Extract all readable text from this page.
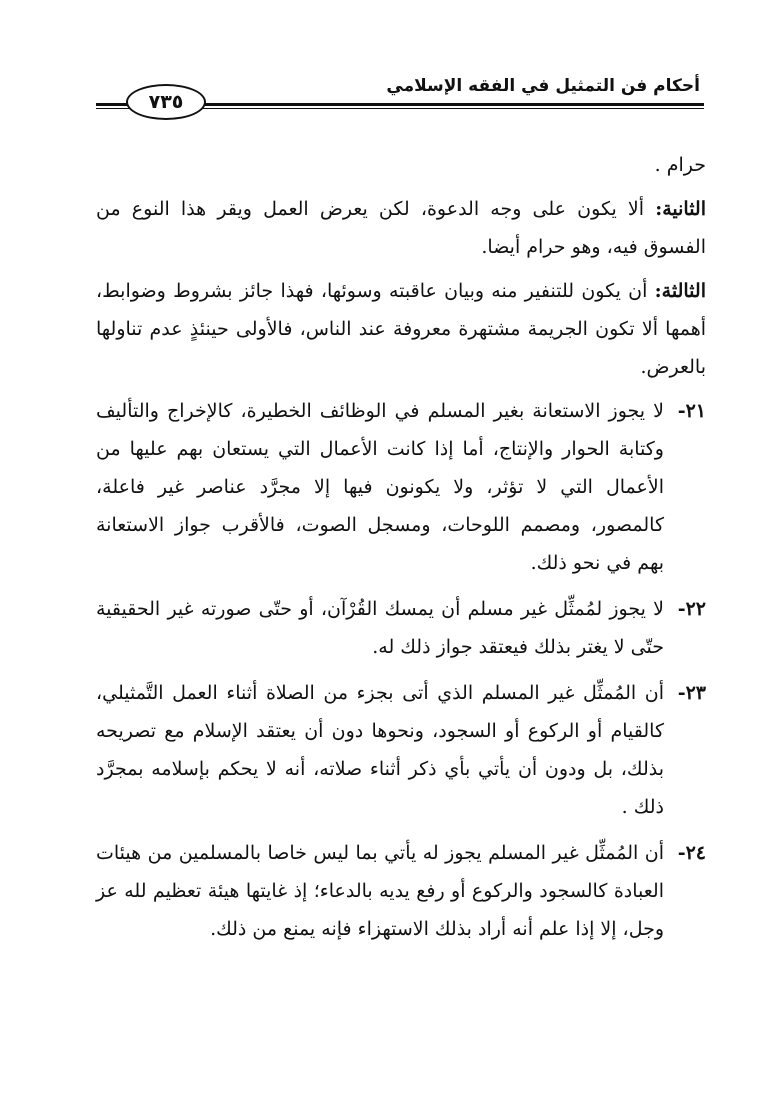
أحكام فن التمثيل في الفقه الإسلامي
٧٣٥

حرام .

الثانية: ألا يكون على وجه الدعوة، لكن يعرض العمل ويقر هذا النوع من الفسوق فيه، وهو حرام أيضا.

الثالثة: أن يكون للتنفير منه وبيان عاقبته وسوئها، فهذا جائز بشروط وضوابط، أهمها ألا تكون الجريمة مشتهرة معروفة عند الناس، فالأولى حينئذٍ عدم تناولها بالعرض.

٢١-
لا يجوز الاستعانة بغير المسلم في الوظائف الخطيرة، كالإخراج والتأليف وكتابة الحوار والإنتاج، أما إذا كانت الأعمال التي يستعان بهم عليها من الأعمال التي لا تؤثر، ولا يكونون فيها إلا مجرَّد عناصر غير فاعلة، كالمصور، ومصمم اللوحات، ومسجل الصوت، فالأقرب جواز الاستعانة بهم في نحو ذلك.
٢٢-
لا يجوز لمُمثِّل غير مسلم أن يمسك القُرْآن، أو حتّى صورته غير الحقيقية حتّى لا يغتر بذلك فيعتقد جواز ذلك له.
٢٣-
أن المُمثِّل غير المسلم الذي أتى بجزء من الصلاة أثناء العمل التَّمثيلي، كالقيام أو الركوع أو السجود، ونحوها دون أن يعتقد الإسلام مع تصريحه بذلك، بل ودون أن يأتي بأي ذكر أثناء صلاته، أنه لا يحكم بإسلامه بمجرَّد ذلك .
٢٤-
أن المُمثِّل غير المسلم يجوز له يأتي بما ليس خاصا بالمسلمين من هيئات العبادة كالسجود والركوع أو رفع يديه بالدعاء؛ إذ غايتها هيئة تعظيم لله عز وجل، إلا إذا علم أنه أراد بذلك الاستهزاء فإنه يمنع من ذلك.
